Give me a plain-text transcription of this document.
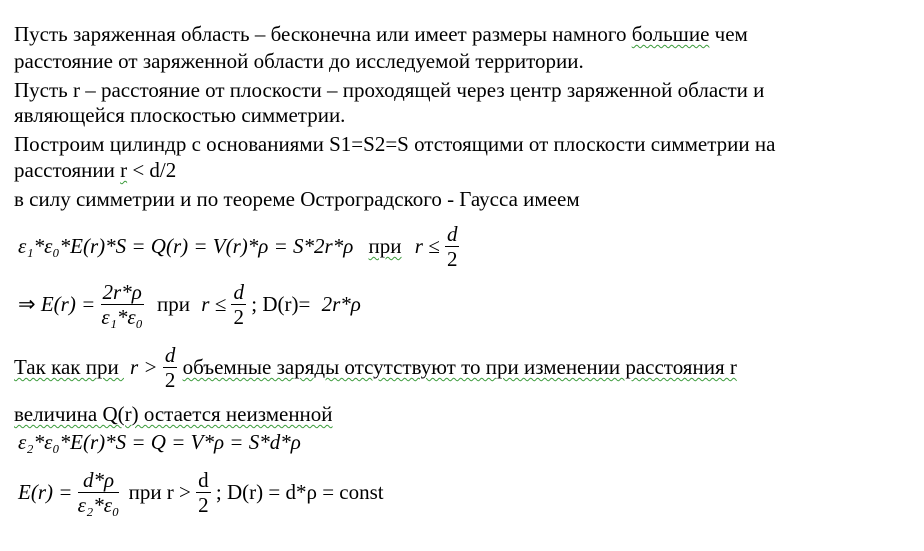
Пусть заряженная область – бесконечна или имеет размеры намного большие чем
расстояние от заряженной области до исследуемой территории.
Пусть r – расстояние от плоскости – проходящей через центр заряженной области и
являющейся плоскостью симметрии.
Построим цилиндр с основаниями S1=S2=S отстоящими от плоскости симметрии на
расстоянии r < d/2
в силу симметрии и по теореме Остроградского - Гаусса имеем
ε₁*ε₀*E(r)*S = Q(r) = V(r)*ρ = S*2r*ρ при $r \le \frac{d}{2}$
⇒ $E(r) = \frac{2r*\rho}{\text{ε₁*ε₀}}$ при $r \le \frac{d}{2}$ ; D(r)= 2r*ρ
Так как при $r > \frac{d}{2}$ объемные заряды отсутствуют то при изменении расстояния r
величина Q(r) остается неизменной
ε₂*ε₀*E(r)*S = Q = V*ρ = S*d*ρ
$E(r) = \frac{d*\rho}{\text{ε₂*ε₀}}$ при $r > \frac{d}{2}$ ; D(r) = d*ρ = const
